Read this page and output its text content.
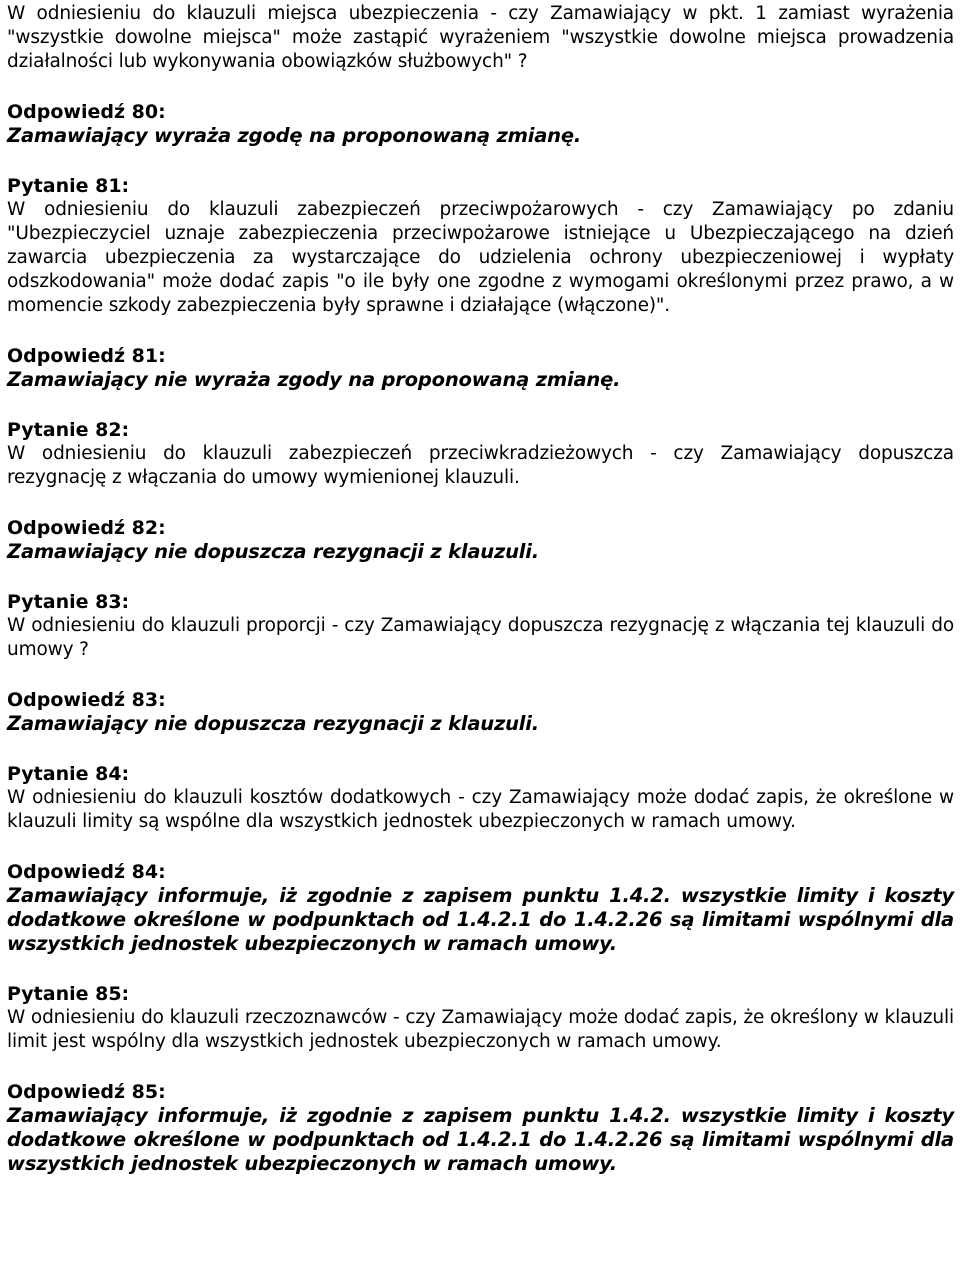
W odniesieniu do klauzuli miejsca ubezpieczenia - czy Zamawiający w pkt. 1 zamiast wyrażenia "wszystkie dowolne miejsca" może zastąpić wyrażeniem "wszystkie dowolne miejsca prowadzenia działalności lub wykonywania obowiązków służbowych" ?

Odpowiedź 80:

Zamawiający wyraża zgodę na proponowaną zmianę.

Pytanie 81:

W odniesieniu do klauzuli zabezpieczeń przeciwpożarowych - czy Zamawiający po zdaniu "Ubezpieczyciel uznaje zabezpieczenia przeciwpożarowe istniejące u Ubezpieczającego na dzień zawarcia ubezpieczenia za wystarczające do udzielenia ochrony ubezpieczeniowej i wypłaty odszkodowania" może dodać zapis "o ile były one zgodne z wymogami określonymi przez prawo, a w momencie szkody zabezpieczenia były sprawne i działające (włączone)".

Odpowiedź 81:

Zamawiający nie wyraża zgody na proponowaną zmianę.

Pytanie 82:

W odniesieniu do klauzuli zabezpieczeń przeciwkradzieżowych - czy Zamawiający dopuszcza rezygnację z włączania do umowy wymienionej klauzuli.

Odpowiedź 82:

Zamawiający nie dopuszcza rezygnacji z klauzuli.

Pytanie 83:

W odniesieniu do klauzuli proporcji - czy Zamawiający dopuszcza rezygnację z włączania tej klauzuli do umowy ?

Odpowiedź 83:

Zamawiający nie dopuszcza rezygnacji z klauzuli.

Pytanie 84:

W odniesieniu do klauzuli kosztów dodatkowych - czy Zamawiający może dodać zapis, że określone w klauzuli limity są wspólne dla wszystkich jednostek ubezpieczonych w ramach umowy.

Odpowiedź 84:

Zamawiający informuje, iż zgodnie z zapisem punktu 1.4.2. wszystkie limity i koszty dodatkowe określone w podpunktach od 1.4.2.1 do 1.4.2.26 są limitami wspólnymi dla wszystkich jednostek ubezpieczonych w ramach umowy.

Pytanie 85:

W odniesieniu do klauzuli rzeczoznawców - czy Zamawiający może dodać zapis, że określony w klauzuli limit jest wspólny dla wszystkich jednostek ubezpieczonych w ramach umowy.

Odpowiedź 85:

Zamawiający informuje, iż zgodnie z zapisem punktu 1.4.2. wszystkie limity i koszty dodatkowe określone w podpunktach od 1.4.2.1 do 1.4.2.26 są limitami wspólnymi dla wszystkich jednostek ubezpieczonych w ramach umowy.
